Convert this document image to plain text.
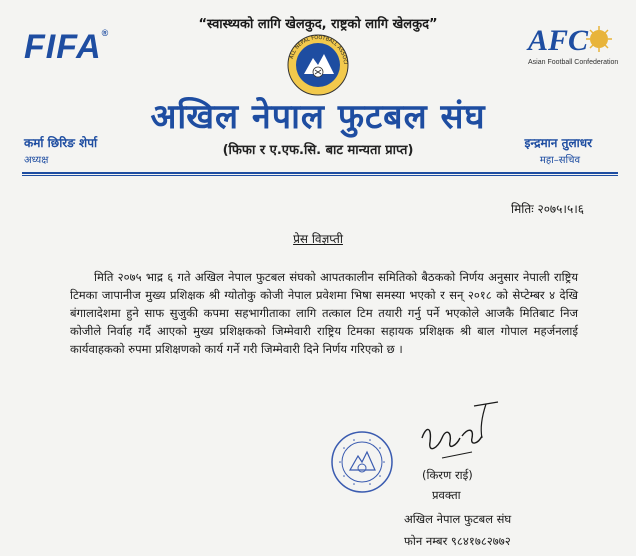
“स्वास्थ्यको लागि खेलकुद, राष्ट्रको लागि खेलकुद”
FIFA®	AFC
Asian Football Confederation
ALL NEPAL FOOTBALL ASSOCI
अखिल नेपाल फुटबल संघ
(फिफा र ए.एफ.सि. बाट मान्यता प्राप्त)
कर्मा छिरिङ शेर्पा
अध्यक्ष
इन्द्रमान तुलाधर
महा–सचिव
मितिः २०७५।५।६
प्रेस विज्ञप्ती
मिति २०७५ भाद्र ६ गते अखिल नेपाल फुटबल संघको आपतकालीन समितिको बैठकको निर्णय अनुसार नेपाली राष्ट्रिय टिमका जापानीज मुख्य प्रशिक्षक श्री ग्योतोकु कोजी नेपाल प्रवेशमा भिषा समस्या भएको र सन् २०१८ को सेप्टेम्बर ४ देखि बंगालादेशमा हुने साफ सुजुकी कपमा सहभागीताका लागि तत्काल टिम तयारी गर्नु पर्ने भएकोले आजकै मितिबाट निज कोजीले निर्वाह गर्दै आएको मुख्य प्रशिक्षकको जिम्मेवारी राष्ट्रिय टिमका सहायक प्रशिक्षक श्री बाल गोपाल महर्जनलाई कार्यवाहकको रुपमा प्रशिक्षणको कार्य गर्ने गरी जिम्मेवारी दिने निर्णय गरिएको छ ।
(किरण राई)
प्रवक्ता
अखिल नेपाल फुटबल संघ
फोन नम्बर ९८४१७८२७७२
